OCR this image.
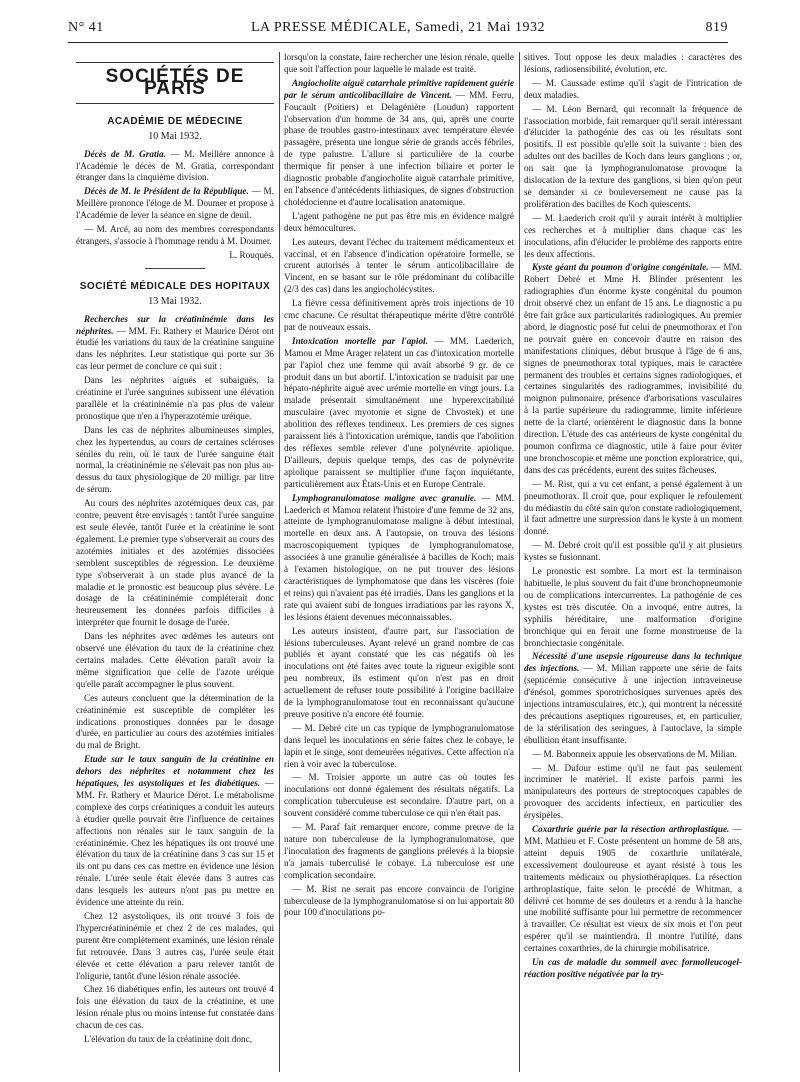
N° 41	LA PRESSE MÉDICALE, Samedi, 21 Mai 1932	819
SOCIÉTÉS DE PARIS
ACADÉMIE DE MÉDECINE
10 Mai 1932.

Décès de M. Gratia. — M. Meillère annonce à l'Académie le décès de M. Gratia, correspondant étranger dans la cinquième division.

Décès de M. le Président de la République. — M. Meillère prononce l'éloge de M. Doumer et propose à l'Académie de lever la séance en signe de deuil.

— M. Arcé, au nom des membres correspondants étrangers, s'associe à l'hommage rendu à M. Doumer.

L. Rouquès.

SOCIÉTÉ MÉDICALE DES HOPITAUX
13 Mai 1932.

Recherches sur la créatininémie dans les néphrites. — MM. Fr. Rathery et Maurice Dérot ont étudié les variations du taux de la créatinine sanguine dans les néphrites. Leur statistique qui porte sur 36 cas leur permet de conclure ce qui suit :

Dans les néphrites aiguës et subaiguës, la créatinine et l'urée sanguines subissent une élévation parallèle et la créatininémie n'a pas plus de valeur pronostique que n'en a l'hyperazotémie uréique.

Dans les cas de néphrites albumineuses simples, chez les hypertendus, au cours de certaines scléroses séniles du rein, où le taux de l'urée sanguine était normal, la créatininémie ne s'élevait pas non plus au-dessus du taux physiologique de 20 milligr. par litre de sérum.

Au cours des néphrites azotémiques deux cas, par contre, peuvent être envisagés : tantôt l'urée sanguine est seule élevée, tantôt l'urée et la créatinine le sont également. Le premier type s'observerait au cours des azotémies initiales et des azotémies dissociées semblent susceptibles de régression. Le deuxième type s'observerait à un stade plus avancé de la maladie et le pronostic est beaucoup plus sévère. Le dosage de la créatininémie compléterait donc heureusement les données parfois difficiles à interpréter que fournit le dosage de l'urée.

Dans les néphrites avec œdèmes les auteurs ont observé une élévation du taux de la créatinine chez certains malades. Cette élévation paraît avoir la même signification que celle de l'azote uréique qu'elle paraît accompagner le plus souvent.

Ces auteurs concluent que la détermination de la créatininémie est susceptible de compléter les indications pronostiques données par le dosage d'urée, en particulier au cours des azotémies initiales du mal de Bright.

Etude sur le taux sanguin de la créatinine en dehors des néphrites et notamment chez les hépatiques, les asystoliques et les diabétiques. — MM. Fr. Rathery et Maurice Dérot. Le métabolisme complexe des corps créatiniques a conduit les auteurs à étudier quelle pouvait être l'influence de certaines affections non rénales sur le taux sanguin de la créatininémie. Chez les hépatiques ils ont trouvé une élévation du taux de la créatinine dans 3 cas sur 15 et ils ont pu dans ces cas mettre en évidence une lésion rénale. L'urée seule était élevée dans 3 autres cas dans lesquels les auteurs n'ont pas pu mettre en évidence une atteinte du rein.

Chez 12 asystoliques, ils ont trouvé 3 fois de l'hypercréatininémie et chez 2 de ces malades, qui purent être complètement examinés, une lésion rénale fut retrouvée. Dans 3 autres cas, l'urée seule était élevée et cette élévation a paru relever tantôt de l'oligurie, tantôt d'une lésion rénale associée.

Chez 16 diabétiques enfin, les auteurs ont trouvé 4 fois une élévation du taux de la créatinine, et une lésion rénale plus ou moins intense fut constatée dans chacun de ces cas.

L'élévation du taux de la créatinine doit donc,

lorsqu'on la constate, faire rechercher une lésion rénale, quelle que soit l'affection pour laquelle le malade est traité.

Angiocholite aiguë catarrhale primitive rapidement guérie par le sérum anticolibacillaire de Vincent. — MM. Ferru, Foucault (Poitiers) et Delagénière (Loudun) rapportent l'observation d'un homme de 34 ans, qui, après une courte phase de troubles gastro-intestinaux avec température élevée passagère, présenta une longue série de grands accès fébriles, de type palustre. L'allure si particulière de la courbe thermique fit penser à une infection biliaire et porter le diagnostic probable d'angiocholite aiguë catarrhale primitive, en l'absence d'antécédents lithiasiques, de signes d'obstruction cholédocienne et d'autre localisation anatomique.

L'agent pathogène ne put pas être mis en évidence malgré deux hémocultures.

Les auteurs, devant l'échec du traitement médicamenteux et vaccinal, et en l'absence d'indication opératoire formelle, se crurent autorisés à tenter le sérum anticolibacillaire de Vincent, en se basant sur le rôle prédominant du colibacille (2/3 des cas) dans les angiocholécystites.

La fièvre cessa définitivement après trois injections de 10 cmc chacune. Ce résultat thérapeutique mérite d'être contrôlé par de nouveaux essais.

Intoxication mortelle par l'apiol. — MM. Laederich, Mamou et Mme Arager relatent un cas d'intoxication mortelle par l'apiol chez une femme qui avait absorbé 9 gr. de ce produit dans un but abortif. L'intoxication se traduisit par une hépato-néphrite aiguë avec urémie mortelle en vingt jours. La malade présentait simultanément une hyperexcitabilité musculaire (avec myotonie et signe de Chvostek) et une abolition des réflexes tendineux. Les premiers de ces signes paraissent liés à l'intoxication urémique, tandis que l'abolition des réflexes semble relever d'une polynévrite apiolique. D'ailleurs, depuis quelque temps, des cas de polynévrite apiolique paraissent se multiplier d'une façon inquiétante, particulièrement aux États-Unis et en Europe Centrale.

Lymphogranulomatose maligne avec granulie. — MM. Laederich et Mamou relatent l'histoire d'une femme de 32 ans, atteinte de lymphogranulomatose maligne à début intestinal, mortelle en deux ans. A l'autopsie, on trouva des lésions macroscopiquement typiques de lymphogranulomatose, associées à une granulie généralisée à bacilles de Koch; mais à l'examen histologique, on ne put trouver des lésions caractéristiques de lymphomatose que dans les viscères (foie et reins) qui n'avaient pas été irradiés. Dans les ganglions et la rate qui avaient subi de longues irradiations par les rayons X, les lésions étaient devenues méconnaissables.

Les auteurs insistent, d'autre part, sur l'association de lésions tuberculeuses. Ayant relevé un grand nombre de cas publiés et ayant constaté que les cas négatifs où les inoculations ont été faites avec toute la rigueur exigible sont peu nombreux, ils estiment qu'on n'est pas en droit actuellement de refuser toute possibilité à l'origine bacillaire de la lymphogranulomatose tout en reconnaissant qu'aucune preuve positive n'a encore été fournie.

— M. Debré cite un cas typique de lymphogranulomatose dans lequel les inoculations en série faites chez le cobaye, le lapin et le singe, sont demeurées négatives. Cette affection n'a rien à voir avec la tuberculose.

— M. Troisier apporte un autre cas où toutes les inoculations ont donné également des résultats négatifs. La complication tuberculeuse est secondaire. D'autre part, on a souvent considéré comme tuberculose ce qui n'en était pas.

— M. Paraf fait remarquer encore, comme preuve de la nature non tuberculeuse de la lymphogranulomatose, que l'inoculation des fragments de ganglions prélevés à la biopsie n'a jamais tuberculisé le cobaye. La tuberculose est une complication secondaire.

— M. Rist ne serait pas encore convaincu de l'origine tuberculeuse de la lymphogranulomatose si on lui apportait 80 pour 100 d'inoculations po-

sitives. Tout oppose les deux maladies : caractères des lésions, radiosensibilité, évolution, etc.

— M. Caussade estime qu'il s'agit de l'intrication de deux maladies.

— M. Léon Bernard, qui reconnaît la fréquence de l'association morbide, fait remarquer qu'il serait intéressant d'élucider la pathogénie des cas où les résultats sont positifs. Il est possible qu'elle soit la suivante : bien des adultes ont des bacilles de Koch dans leurs ganglions ; or, on sait que la lymphogranulomatose provoque la dislocation de la texture des ganglions, si bien qu'on peut se demander si ce bouleversement ne cause pas la prolifération des bacilles de Koch quiescents.

— M. Laederich croit qu'il y aurait intérêt à multiplier ces recherches et à multiplier dans chaque cas les inoculations, afin d'élucider le problème des rapports entre les deux affections.

Kyste géant du poumon d'origine congénitale. — MM. Robert Debré et Mme H. Blinder présentent les radiographies d'un énorme kyste congénital du poumon droit observé chez un enfant de 15 ans. Le diagnostic a pu être fait grâce aux particularités radiologiques. Au premier abord, le diagnostic posé fut celui de pneumothorax et l'on ne pouvait guère en concevoir d'autre en raison des manifestations cliniques, début brusque à l'âge de 6 ans, signes de pneumothorax total typiques, mais le caractère permanent des troubles et certains signes radiologiques, et certaines singularités des radiogrammes, invisibilité du moignon pulmonaire, présence d'arborisations vasculaires à la partie supérieure du radiogramme, limite inférieure nette de la clarté, orientèrent le diagnostic dans la bonne direction. L'étude des cas antérieurs de kyste congénital du poumon confirma ce diagnostic, utile à faire pour éviter une bronchoscopie et même une ponction exploratrice, qui, dans des cas précédents, eurent des suites fâcheuses.

— M. Rist, qui a vu cet enfant, a pensé également à un pneumothorax. Il croit que, pour expliquer le refoulement du médiastin du côté sain qu'on constate radiologiquement, il faut admettre une surpression dans le kyste à un moment donné.

— M. Debré croit qu'il est possible qu'il y ait plusieurs kystes se fusionnant.

Le pronostic est sombre. La mort est la terminaison habituelle, le plus souvent du fait d'une bronchopneumonie ou de complications intercurrentes. La pathogénie de ces kystes est très discutée. On a invoqué, entre autres, la syphilis héréditaire, une malformation d'origine bronchique qui en ferait une forme monstrueuse de la bronchiectasie congénitale.

Nécessité d'une asepsie rigoureuse dans la technique des injections. — M. Milian rapporte une série de faits (septicémie consécutive à une injection intraveineuse d'énésol, gommes sporotrichosiques survenues après des injections intramusculaires, etc.), qui montrent la nécessité des précautions aseptiques rigoureuses, et, en particulier, de la stérilisation des seringues, à l'autoclave, la simple ébullition étant insuffisante.

— M. Babonneix appuie les observations de M. Milian.

— M. Dufour estime qu'il ne faut pas seulement incriminer le matériel. Il existe parfois parmi les manipulateurs des porteurs de streptocoques capables de provoquer des accidents infectieux, en particulier des érysipèles.

Coxarthrie guérie par la résection arthroplastique. — MM. Mathieu et F. Coste présentent un homme de 58 ans, atteint depuis 1905 de coxarthrie unilatérale, excessivement douloureuse et ayant résisté à tous les traitements médicaux ou physiothérapiques. La résection arthroplastique, faite selon le procédé de Whitman, a délivré cet homme de ses douleurs et a rendu à la hanche une mobilité suffisante pour lui permettre de recommencer à travailler. Ce résultat est vieux de six mois et l'on peut espérer qu'il se maintiendra. Il montre l'utilité, dans certaines coxarthries, de la chirurgie mobilisatrice.

Un cas de maladie du sommeil avec formolleucogel-réaction positive négativée par la try-
